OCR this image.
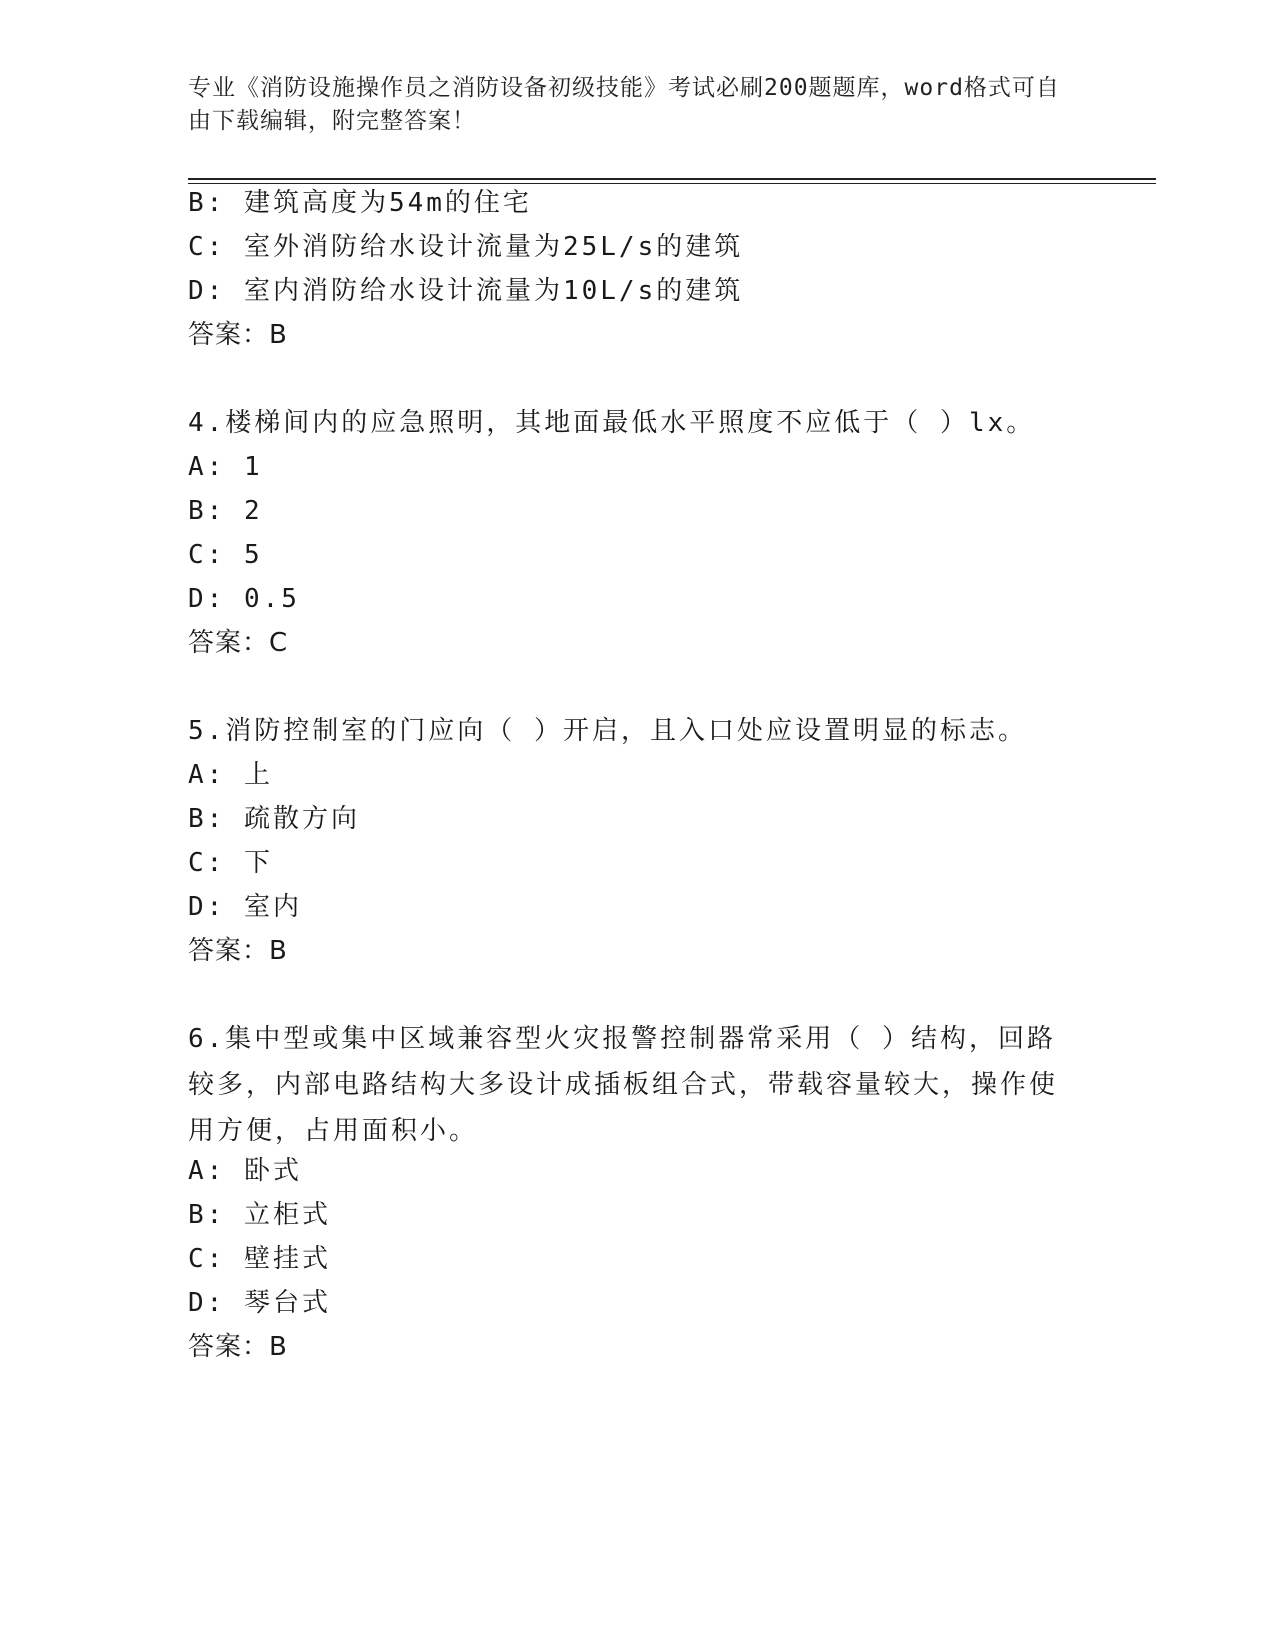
专业《消防设施操作员之消防设备初级技能》考试必刷200题题库，word格式可自由下载编辑，附完整答案！
B: 建筑高度为54m的住宅
C: 室外消防给水设计流量为25L/s的建筑
D: 室内消防给水设计流量为10L/s的建筑
答案：B
4.楼梯间内的应急照明，其地面最低水平照度不应低于（ ）lx。
A: 1
B: 2
C: 5
D: 0.5
答案：C
5.消防控制室的门应向（ ）开启，且入口处应设置明显的标志。
A: 上
B: 疏散方向
C: 下
D: 室内
答案：B
6.集中型或集中区域兼容型火灾报警控制器常采用（ ）结构，回路较多，内部电路结构大多设计成插板组合式，带载容量较大，操作使用方便，占用面积小。
A: 卧式
B: 立柜式
C: 壁挂式
D: 琴台式
答案：B
